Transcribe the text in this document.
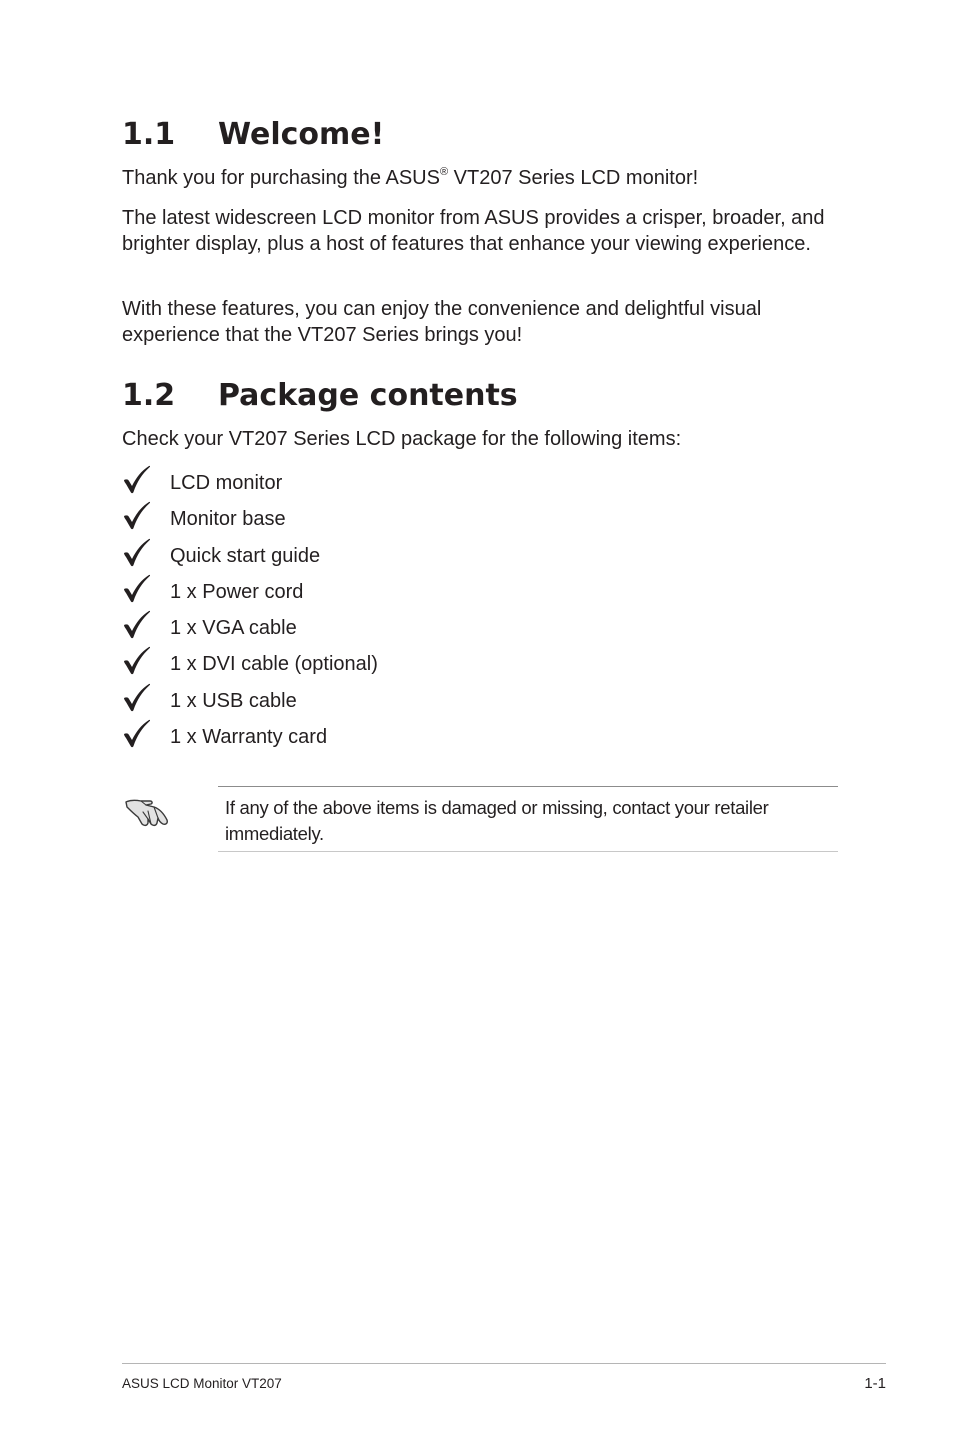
1.1 Welcome!

Thank you for purchasing the ASUS® VT207 Series LCD monitor!

The latest widescreen LCD monitor from ASUS provides a crisper, broader, and brighter display, plus a host of features that enhance your viewing experience.

With these features, you can enjoy the convenience and delightful visual experience that the VT207 Series brings you!

1.2 Package contents

Check your VT207 Series LCD package for the following items:

LCD monitor
Monitor base
Quick start guide
1 x Power cord
1 x VGA cable
1 x DVI cable (optional)
1 x USB cable
1 x Warranty card

If any of the above items is damaged or missing, contact your retailer immediately.

ASUS LCD Monitor VT207	1-1
